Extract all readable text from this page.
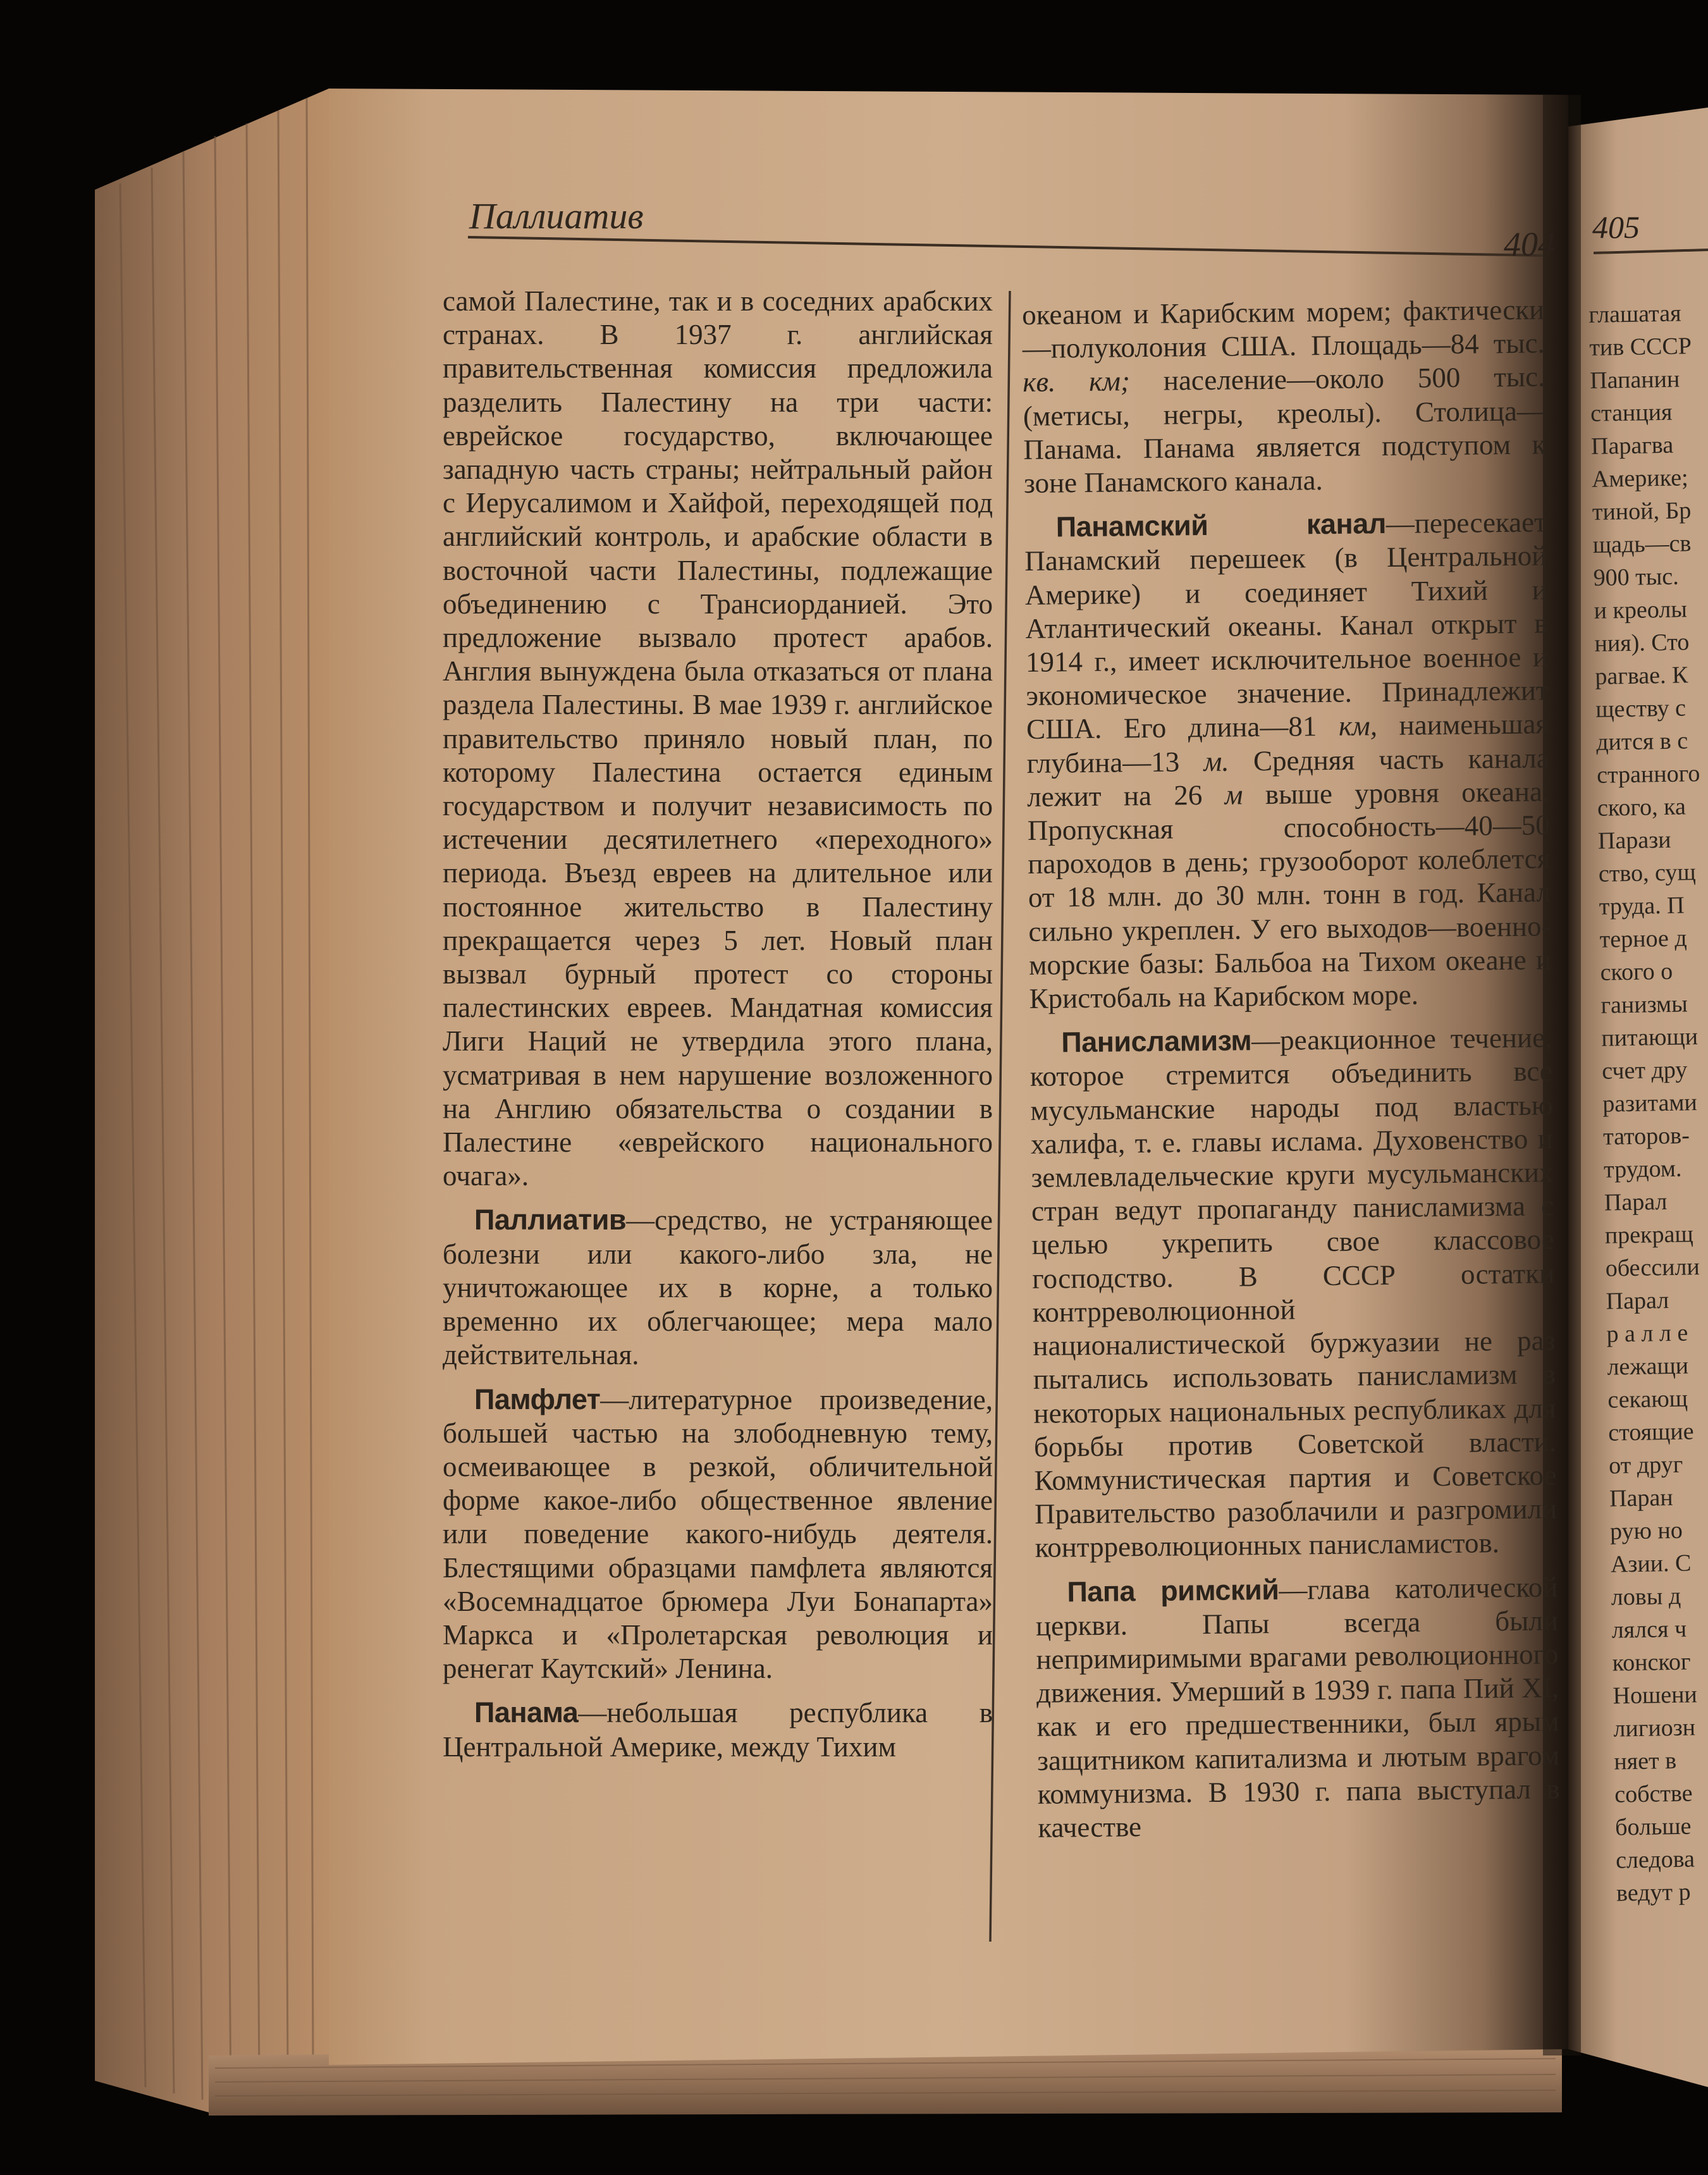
Паллиатив
404 405

самой Палестине, так и в соседних арабских странах. В 1937 г. английская правительственная комиссия предложила разделить Палестину на три части: еврейское государство, включающее западную часть страны; нейтральный район с Иерусалимом и Хайфой, переходящей под английский контроль, и арабские области в восточной части Палестины, подлежащие объединению с Трансиорданией. Это предложение вызвало протест арабов. Англия вынуждена была отказаться от плана раздела Палестины. В мае 1939 г. английское правительство приняло новый план, по которому Палестина остается единым государством и получит независимость по истечении десятилетнего «переходного» периода. Въезд евреев на длительное или постоянное жительство в Палестину прекращается через 5 лет. Новый план вызвал бурный протест со стороны палестинских евреев. Мандатная комиссия Лиги Наций не утвердила этого плана, усматривая в нем нарушение возложенного на Англию обязательства о создании в Палестине «еврейского национального очага».

Паллиатив—средство, не устраняющее болезни или какого-либо зла, не уничтожающее их в корне, а только временно их облегчающее; мера мало действительная.

Памфлет—литературное произведение, большей частью на злободневную тему, осмеивающее в резкой, обличительной форме какое-либо общественное явление или поведение какого-нибудь деятеля. Блестящими образцами памфлета являются «Восемнадцатое брюмера Луи Бонапарта» Маркса и «Пролетарская революция и ренегат Каутский» Ленина.

Панама—небольшая республика в Центральной Америке, между Тихим

океаном и Карибским морем; фактически—полуколония США. Площадь—84 тыс. кв. км; население—около 500 тыс. (метисы, негры, креолы). Столица—Панама. Панама является подступом к зоне Панамского канала.

Панамский канал—пересекает Панамский перешеек (в Центральной Америке) и соединяет Тихий и Атлантический океаны. Канал открыт в 1914 г., имеет исключительное военное и экономическое значение. Принадлежит США. Его длина—81 км, наименьшая глубина—13 м. Средняя часть канала лежит на 26 м выше уровня океана. Пропускная способность—40—50 пароходов в день; грузооборот колеблется от 18 млн. до 30 млн. тонн в год. Канал сильно укреплен. У его выходов—военно-морские базы: Бальбоа на Тихом океане и Кристобаль на Карибском море.

Панисламизм—реакционное течение, которое стремится объединить все мусульманские народы под властью халифа, т. е. главы ислама. Духовенство и землевладельческие круги мусульманских стран ведут пропаганду панисламизма с целью укрепить свое классовое господство. В СССР остатки контрреволюционной националистической буржуазии не раз пытались использовать панисламизм в некоторых национальных республиках для борьбы против Советской власти. Коммунистическая партия и Советское Правительство разоблачили и разгромили контрреволюционных панисламистов.

Папа римский—глава католической церкви. Папы всегда были непримиримыми врагами революционного движения. Умерший в 1939 г. папа Пий XI, как и его предшественники, был ярым защитником капитализма и лютым врагом коммунизма. В 1930 г. папа выступал в качестве

глашатая
тив СССР
Папанин
станция
Парагва
Америке;
тиной, Бр
щадь—св
900 тыс.
и креолы
ния). Сто
рагвае. К
ществу с
дится в с
странного
ского, ка
Парази
ство, сущ
труда. П
терное д
ского о
ганизмы
питающи
счет дру
разитами
таторов-
трудом.
Парал
прекращ
обессили
Парал
р а л л е
лежащи
секающ
стоящие
от друг
Паран
рую но
Азии. С
ловы д
лялся ч
конског
Ношени
лигиозн
няет в
собстве
больше
следова
ведут р
